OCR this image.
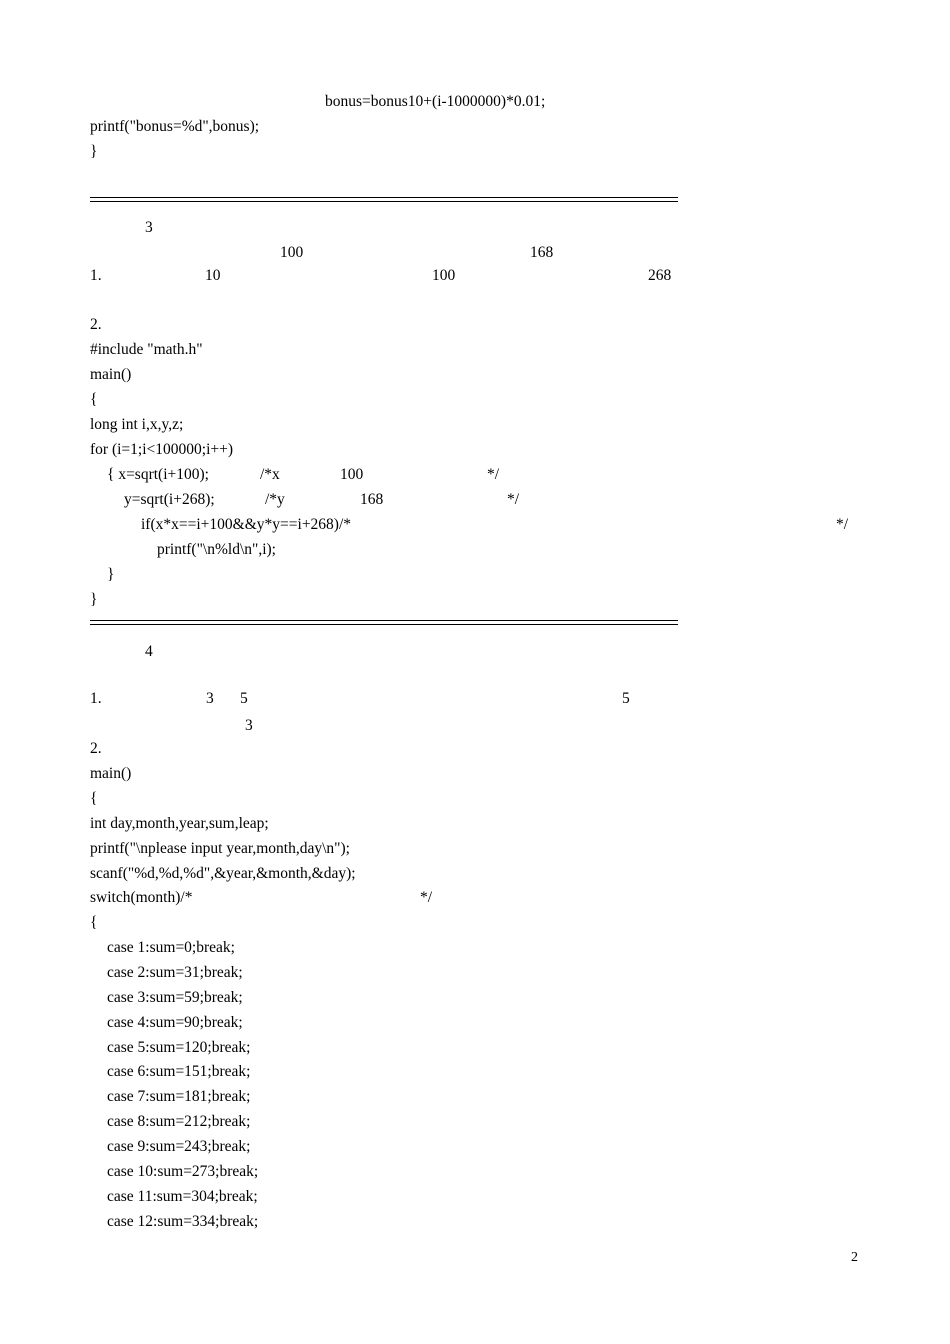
bonus=bonus10+(i-1000000)*0.01;
printf("bonus=%d",bonus);
}
3
100	168
1.	10	100	268
2.
#include "math.h"
main()
{
long int i,x,y,z;
for (i=1;i<100000;i++)
{ x=sqrt(i+100);	/*x	100	*/
y=sqrt(i+268);	/*y	168	*/
if(x*x==i+100&&y*y==i+268)/*	*/
printf("\n%ld\n",i);
}
}
4
1.	3 5	5
3
2.
main()
{
int day,month,year,sum,leap;
printf("\nplease input year,month,day\n");
scanf("%d,%d,%d",&year,&month,&day);
switch(month)/*	*/
{
case 1:sum=0;break;
case 2:sum=31;break;
case 3:sum=59;break;
case 4:sum=90;break;
case 5:sum=120;break;
case 6:sum=151;break;
case 7:sum=181;break;
case 8:sum=212;break;
case 9:sum=243;break;
case 10:sum=273;break;
case 11:sum=304;break;
case 12:sum=334;break;
2
